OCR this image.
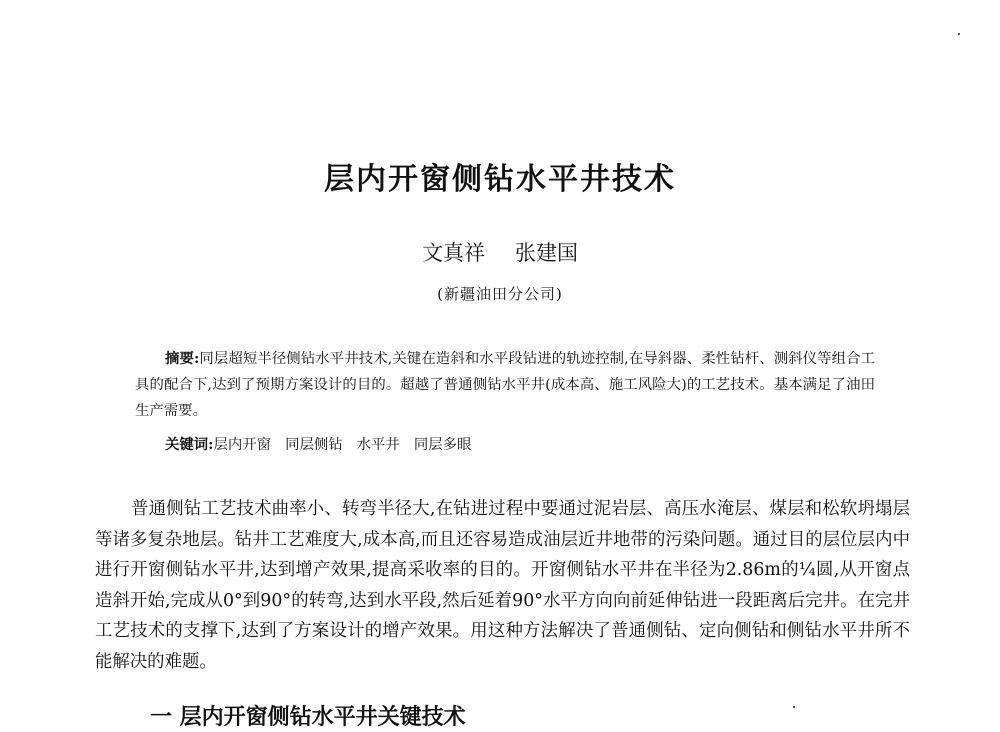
层内开窗侧钻水平井技术
文真祥 张建国
(新疆油田分公司)
摘要:同层超短半径侧钻水平井技术,关键在造斜和水平段钻进的轨迹控制,在导斜器、柔性钻杆、测斜仪等组合工具的配合下,达到了预期方案设计的目的。超越了普通侧钻水平井(成本高、施工风险大)的工艺技术。基本满足了油田生产需要。
关键词:层内开窗 同层侧钻 水平井 同层多眼
普通侧钻工艺技术曲率小、转弯半径大,在钻进过程中要通过泥岩层、高压水淹层、煤层和松软坍塌层等诸多复杂地层。钻井工艺难度大,成本高,而且还容易造成油层近井地带的污染问题。通过目的层位层内中进行开窗侧钻水平井,达到增产效果,提高采收率的目的。开窗侧钻水平井在半径为2.86m的¼圆,从开窗点造斜开始,完成从0°到90°的转弯,达到水平段,然后延着90°水平方向向前延伸钻进一段距离后完井。在完井工艺技术的支撑下,达到了方案设计的增产效果。用这种方法解决了普通侧钻、定向侧钻和侧钻水平井所不能解决的难题。
一 层内开窗侧钻水平井关键技术
